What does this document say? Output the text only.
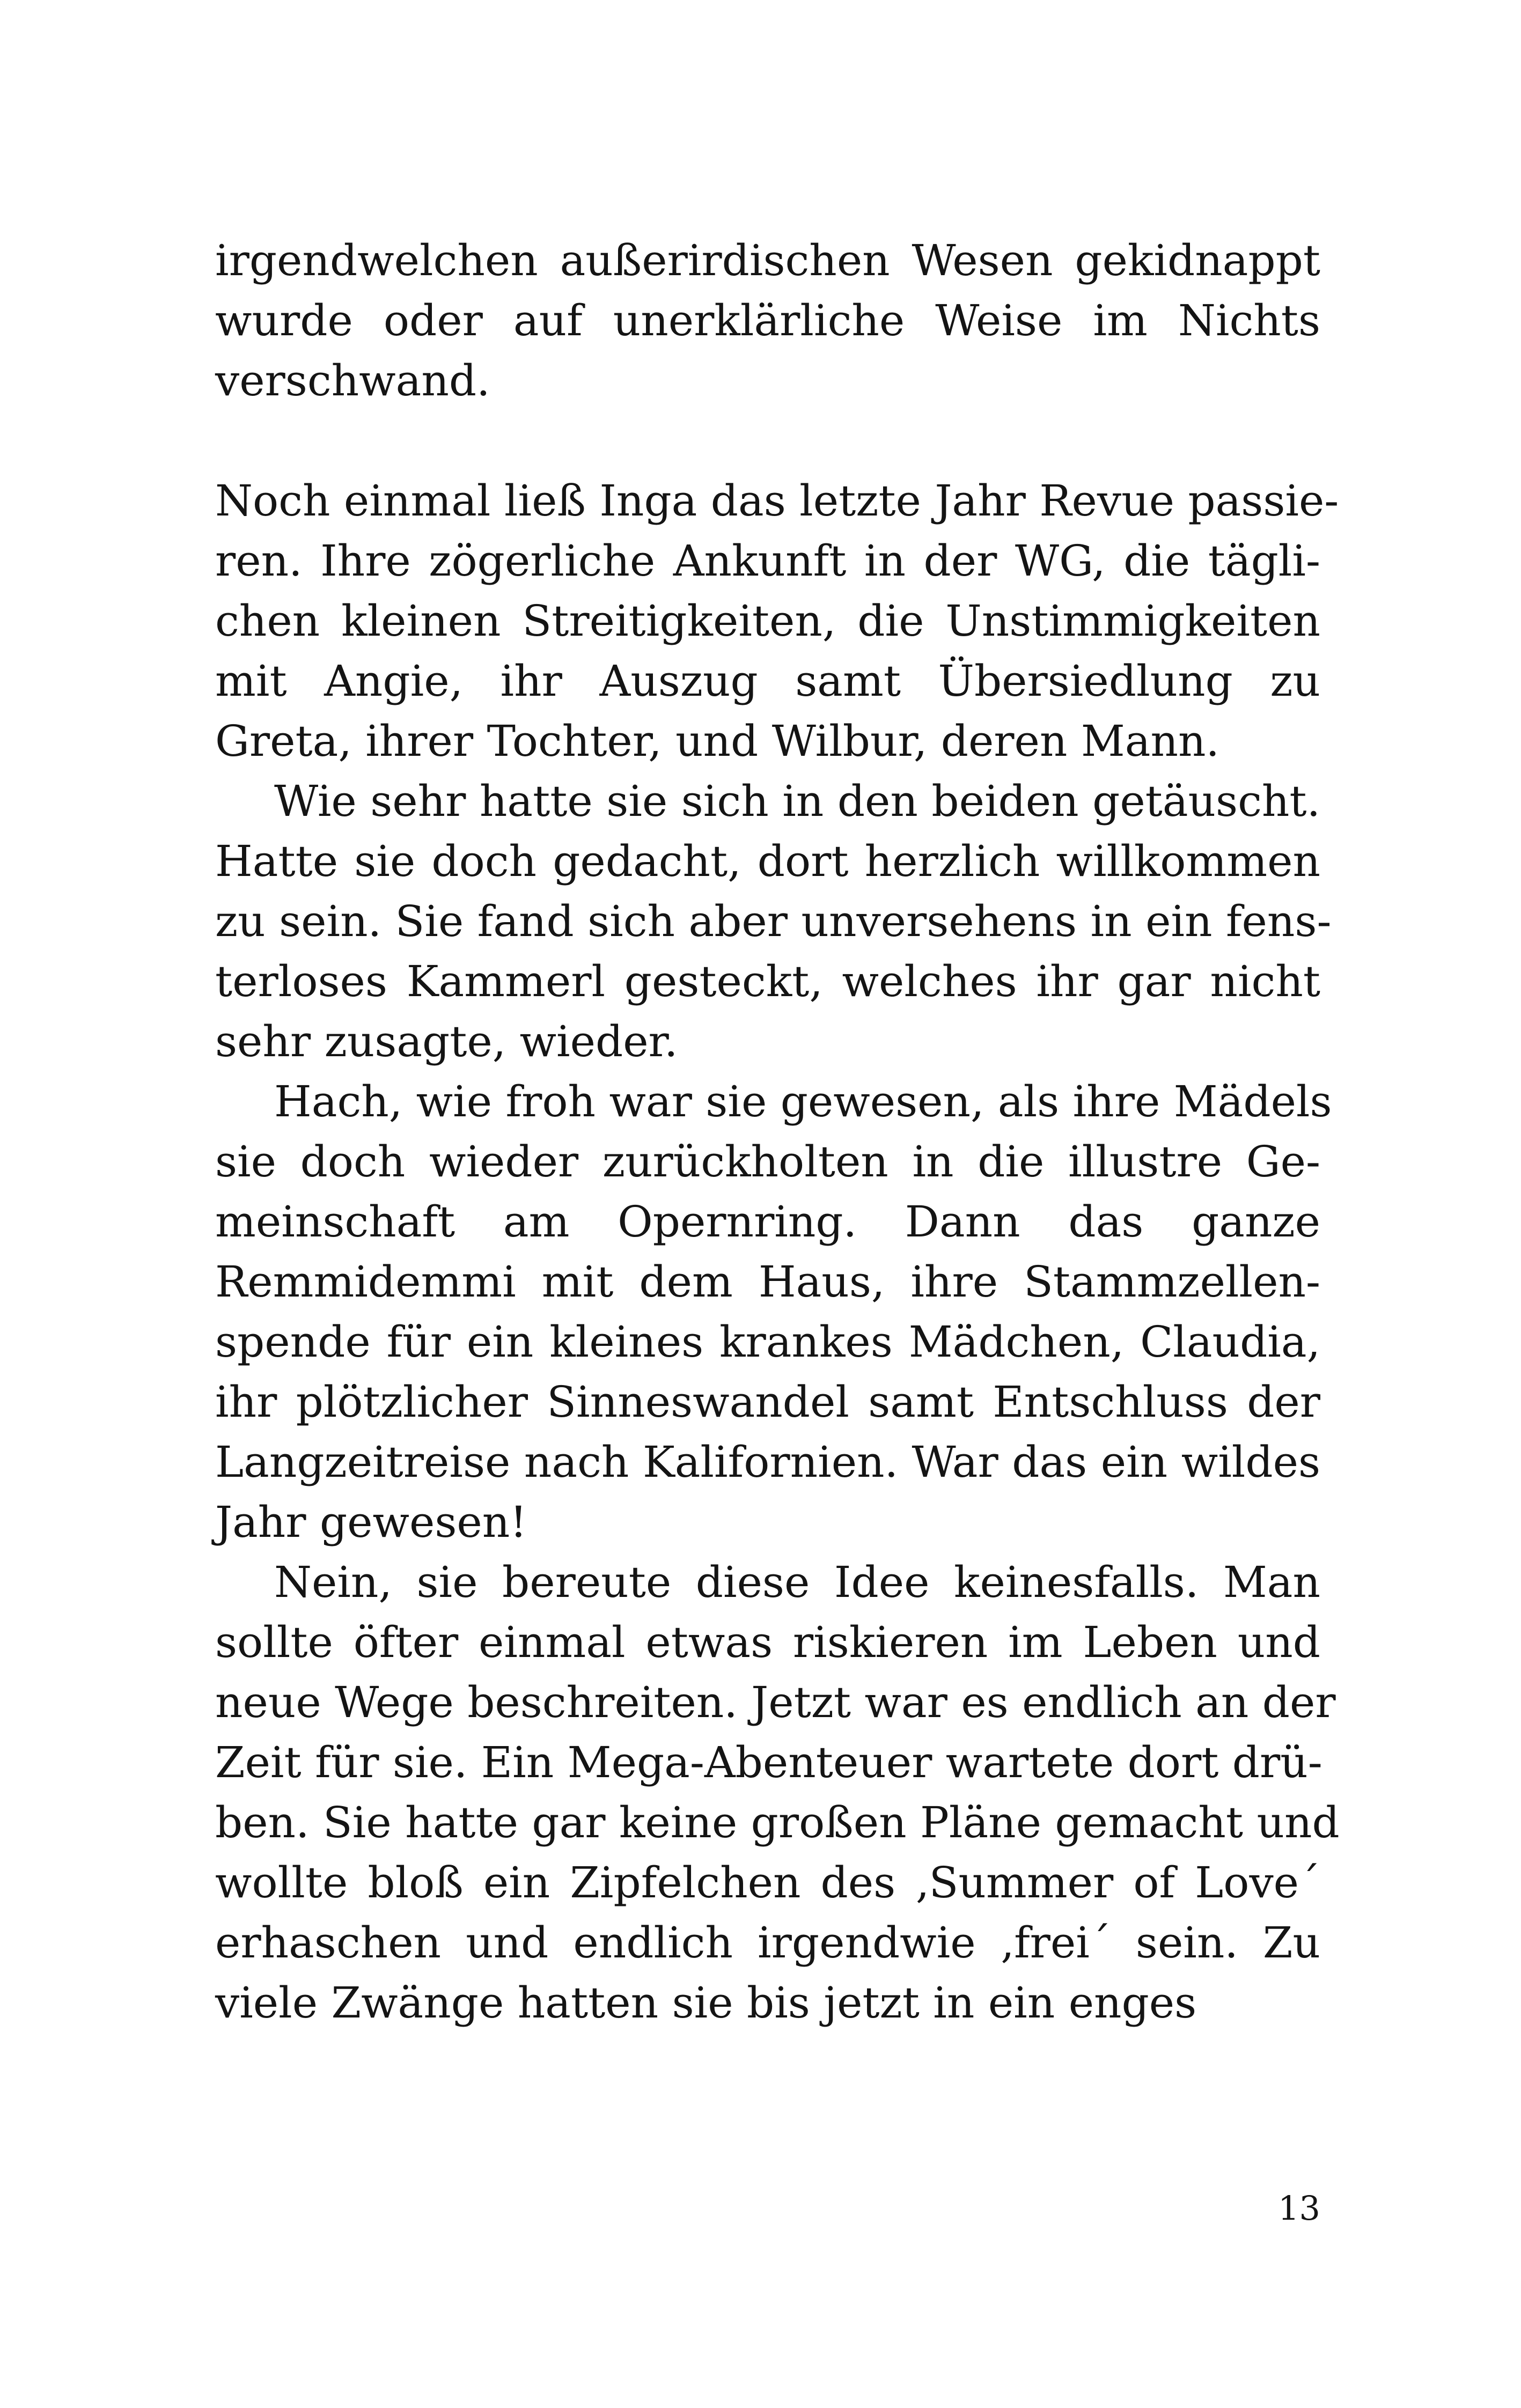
irgendwelchen außerirdischen Wesen gekidnappt
wurde oder auf unerklärliche Weise im Nichts
verschwand.
Noch einmal ließ Inga das letzte Jahr Revue passie-
ren. Ihre zögerliche Ankunft in der WG, die tägli-
chen kleinen Streitigkeiten, die Unstimmigkeiten
mit Angie, ihr Auszug samt Übersiedlung zu
Greta, ihrer Tochter, und Wilbur, deren Mann.
Wie sehr hatte sie sich in den beiden getäuscht.
Hatte sie doch gedacht, dort herzlich willkommen
zu sein. Sie fand sich aber unversehens in ein fens-
terloses Kammerl gesteckt, welches ihr gar nicht
sehr zusagte, wieder.
Hach, wie froh war sie gewesen, als ihre Mädels
sie doch wieder zurückholten in die illustre Ge-
meinschaft am Opernring. Dann das ganze
Remmidemmi mit dem Haus, ihre Stammzellen-
spende für ein kleines krankes Mädchen, Claudia,
ihr plötzlicher Sinneswandel samt Entschluss der
Langzeitreise nach Kalifornien. War das ein wildes
Jahr gewesen!
Nein, sie bereute diese Idee keinesfalls. Man
sollte öfter einmal etwas riskieren im Leben und
neue Wege beschreiten. Jetzt war es endlich an der
Zeit für sie. Ein Mega-Abenteuer wartete dort drü-
ben. Sie hatte gar keine großen Pläne gemacht und
wollte bloß ein Zipfelchen des ‚Summer of Love´
erhaschen und endlich irgendwie ‚frei´ sein. Zu
viele Zwänge hatten sie bis jetzt in ein enges
13
